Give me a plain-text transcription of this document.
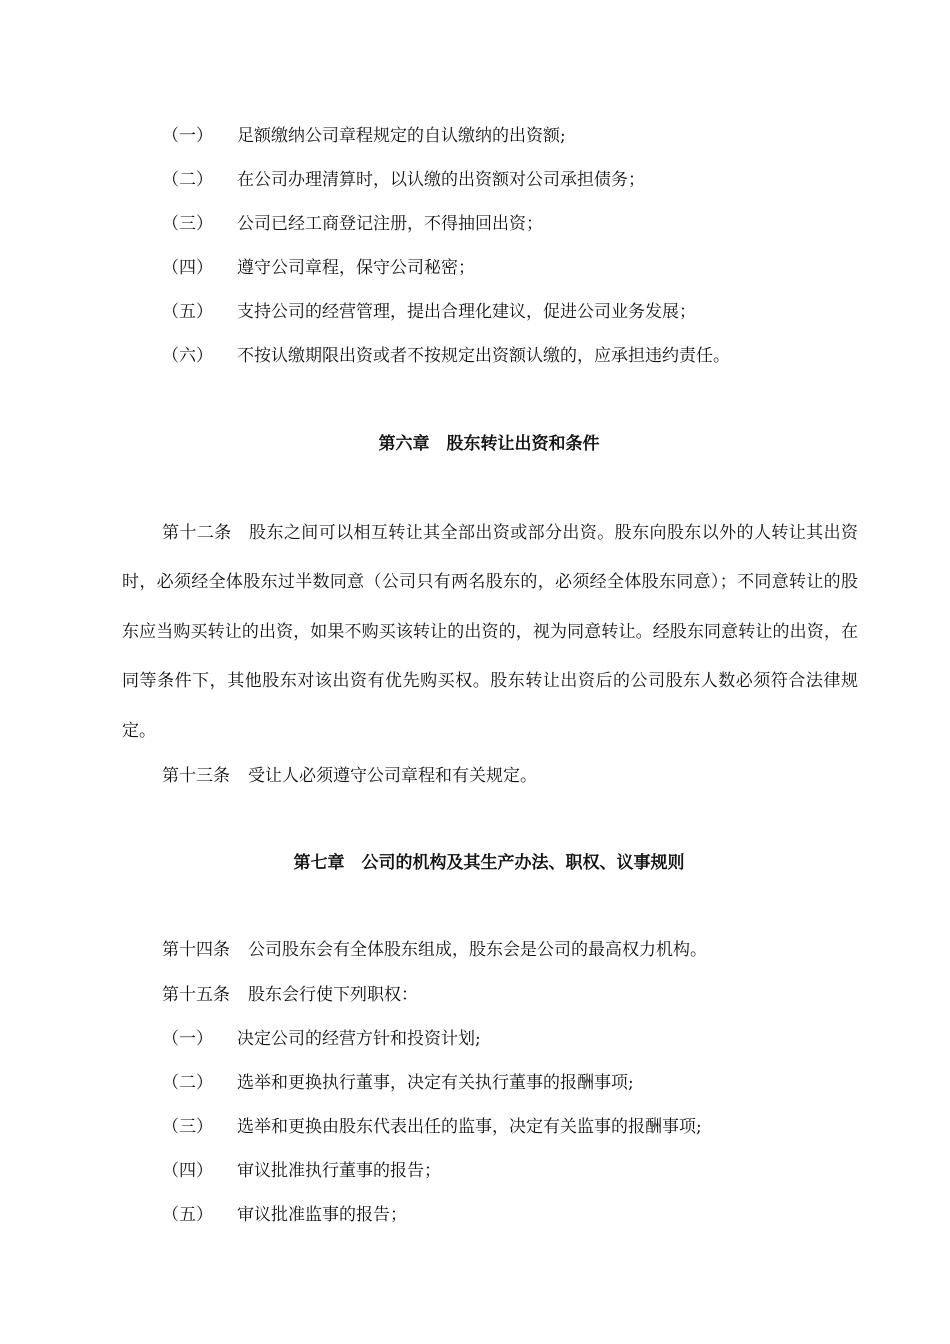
（一） 足额缴纳公司章程规定的自认缴纳的出资额;
（二） 在公司办理清算时，以认缴的出资额对公司承担债务；
（三） 公司已经工商登记注册，不得抽回出资；
（四） 遵守公司章程，保守公司秘密；
（五） 支持公司的经营管理，提出合理化建议，促进公司业务发展；
（六） 不按认缴期限出资或者不按规定出资额认缴的，应承担违约责任。
第六章　股东转让出资和条件
第十二条　股东之间可以相互转让其全部出资或部分出资。股东向股东以外的人转让其出资时，必须经全体股东过半数同意（公司只有两名股东的，必须经全体股东同意）；不同意转让的股东应当购买转让的出资，如果不购买该转让的出资的，视为同意转让。经股东同意转让的出资，在同等条件下，其他股东对该出资有优先购买权。股东转让出资后的公司股东人数必须符合法律规定。
第十三条 受让人必须遵守公司章程和有关规定。
第七章　公司的机构及其生产办法、职权、议事规则
第十四条 公司股东会有全体股东组成，股东会是公司的最高权力机构。
第十五条 股东会行使下列职权：
（一） 决定公司的经营方针和投资计划;
（二） 选举和更换执行董事，决定有关执行董事的报酬事项;
（三） 选举和更换由股东代表出任的监事，决定有关监事的报酬事项;
（四） 审议批准执行董事的报告；
（五） 审议批准监事的报告；
